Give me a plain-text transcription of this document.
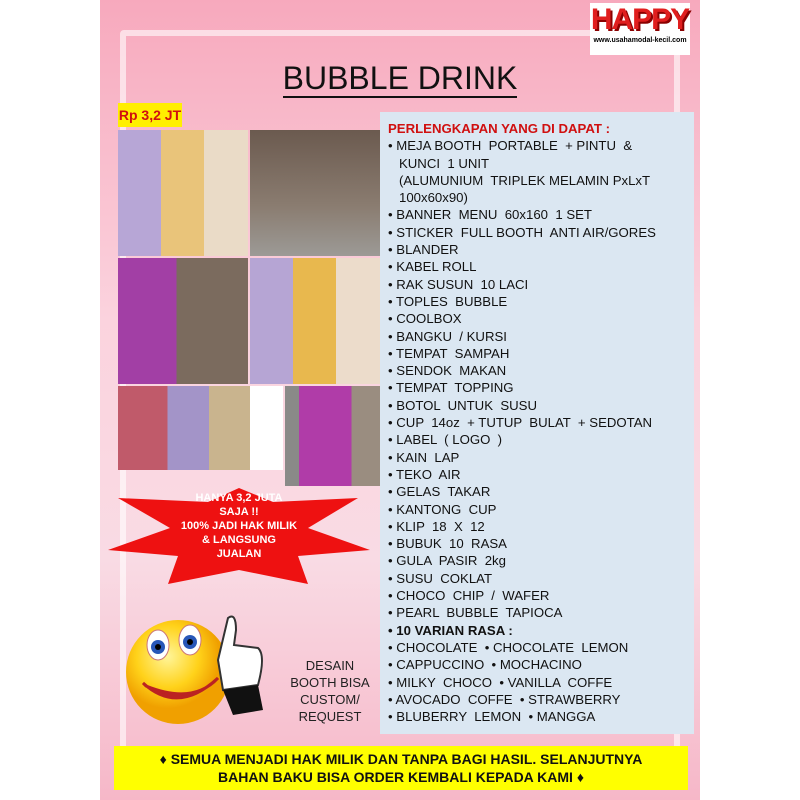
HAPPY
www.usahamodal-kecil.com
BUBBLE DRINK
Rp 3,2 JT
PERLENGKAPAN YANG DI DAPAT :
• MEJA BOOTH  PORTABLE  + PINTU  &
KUNCI  1 UNIT
(ALUMUNIUM  TRIPLEK MELAMIN PxLxT
100x60x90)
• BANNER  MENU  60x160  1 SET
• STICKER  FULL BOOTH  ANTI AIR/GORES
• BLANDER
• KABEL ROLL
• RAK SUSUN  10 LACI
• TOPLES  BUBBLE
• COOLBOX
• BANGKU  / KURSI
• TEMPAT  SAMPAH
• SENDOK  MAKAN
• TEMPAT  TOPPING
• BOTOL  UNTUK  SUSU
• CUP  14oz  + TUTUP  BULAT  + SEDOTAN
• LABEL  ( LOGO  )
• KAIN  LAP
• TEKO  AIR
• GELAS  TAKAR
• KANTONG  CUP
• KLIP  18  X  12
• BUBUK  10  RASA
• GULA  PASIR  2kg
• SUSU  COKLAT
• CHOCO  CHIP  /  WAFER
• PEARL  BUBBLE  TAPIOCA
• 10 VARIAN RASA :
• CHOCOLATE  • CHOCOLATE  LEMON
• CAPPUCCINO  • MOCHACINO
• MILKY  CHOCO  • VANILLA  COFFE
• AVOCADO  COFFE  • STRAWBERRY
• BLUBERRY  LEMON  • MANGGA
HANYA 3,2 JUTA
SAJA !!
100% JADI HAK MILIK
& LANGSUNG
JUALAN
DESAIN
BOOTH BISA
CUSTOM/
REQUEST
♦ SEMUA MENJADI HAK MILIK DAN TANPA BAGI HASIL. SELANJUTNYA
BAHAN BAKU BISA ORDER KEMBALI KEPADA KAMI ♦
